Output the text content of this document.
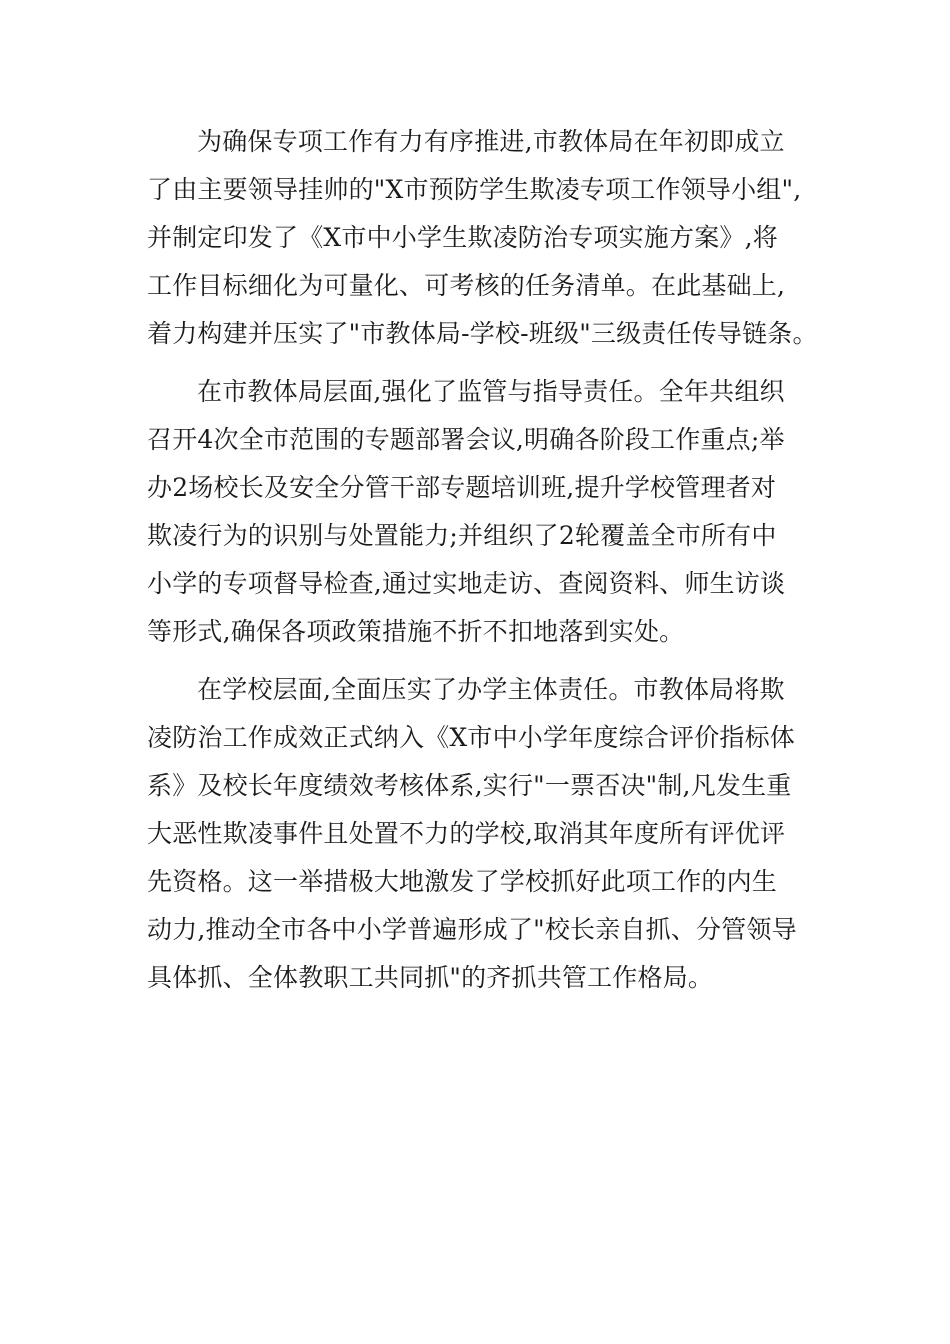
为确保专项工作有力有序推进,市教体局在年初即成立
了由主要领导挂帅的"X市预防学生欺凌专项工作领导小组",
并制定印发了《X市中小学生欺凌防治专项实施方案》,将
工作目标细化为可量化、可考核的任务清单。在此基础上,
着力构建并压实了"市教体局-学校-班级"三级责任传导链条。

在市教体局层面,强化了监管与指导责任。全年共组织
召开4次全市范围的专题部署会议,明确各阶段工作重点;举
办2场校长及安全分管干部专题培训班,提升学校管理者对
欺凌行为的识别与处置能力;并组织了2轮覆盖全市所有中
小学的专项督导检查,通过实地走访、查阅资料、师生访谈
等形式,确保各项政策措施不折不扣地落到实处。

在学校层面,全面压实了办学主体责任。市教体局将欺
凌防治工作成效正式纳入《X市中小学年度综合评价指标体
系》及校长年度绩效考核体系,实行"一票否决"制,凡发生重
大恶性欺凌事件且处置不力的学校,取消其年度所有评优评
先资格。这一举措极大地激发了学校抓好此项工作的内生
动力,推动全市各中小学普遍形成了"校长亲自抓、分管领导
具体抓、全体教职工共同抓"的齐抓共管工作格局。
